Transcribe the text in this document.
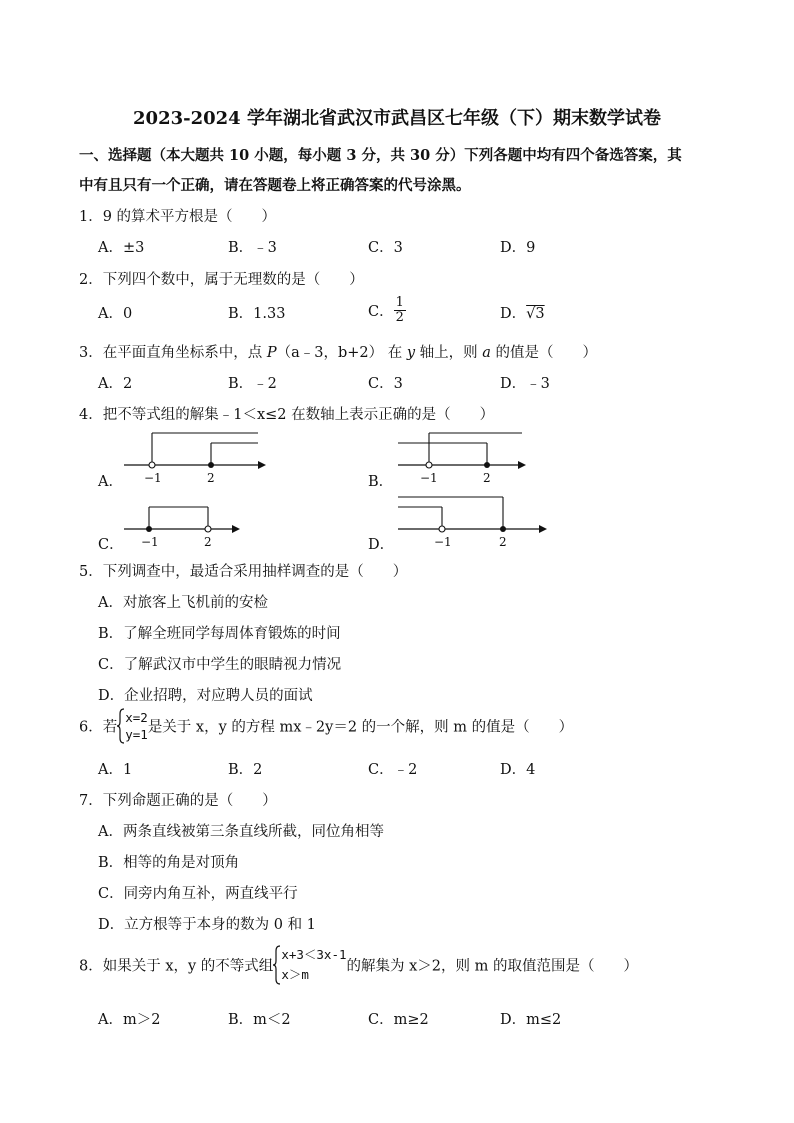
2023-2024 学年湖北省武汉市武昌区七年级（下）期末数学试卷
一、选择题（本大题共 10 小题，每小题 3 分，共 30 分）下列各题中均有四个备选答案，其
中有且只有一个正确，请在答题卷上将正确答案的代号涂黑。
1．9 的算术平方根是（　　）
A．±3	B．﹣3	C．3	D．9
2．下列四个数中，属于无理数的是（　　）
A．0	B．1.33	C． $\frac{1}{2}$	D．√3
3．在平面直角坐标系中，点 P（a﹣3，b+2） 在 y 轴上，则 a 的值是（　　）
A．2	B．﹣2	C．3	D．﹣3
4．把不等式组的解集﹣1＜x≤2 在数轴上表示正确的是（　　）
A．	B．
C．	D．
−1	2	−1	2
−1	2	−1	2
5．下列调查中，最适合采用抽样调查的是（　　）
A．对旅客上飞机前的安检
B．了解全班同学每周体育锻炼的时间
C．了解武汉市中学生的眼睛视力情况
D．企业招聘，对应聘人员的面试
6．若
x=2
y=1 是关于 x，y 的方程 mx﹣2y＝2 的一个解，则 m 的值是（　　）
A．1	B．2	C．﹣2	D．4
7．下列命题正确的是（　　）
A．两条直线被第三条直线所截，同位角相等
B．相等的角是对顶角
C．同旁内角互补，两直线平行
D．立方根等于本身的数为 0 和 1
8．如果关于 x，y 的不等式组
x+3＜3x-1
x＞m	的解集为 x＞2，则 m 的取值范围是（　　）
A．m＞2	B．m＜2	C．m≥2	D．m≤2
